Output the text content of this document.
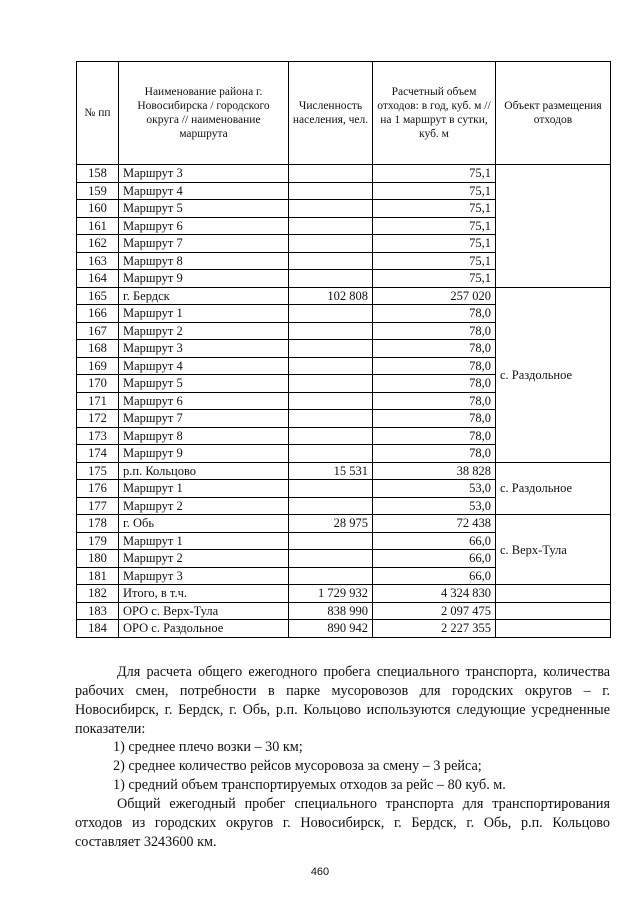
№ пп	Наименование района г. Новосибирска / городского округа // наименование маршрута	Численность населения, чел.	Расчетный объем отходов: в год, куб. м // на 1 маршрут в сутки, куб. м	Объект размещения отходов
158	Маршрут 3		75,1	
159	Маршрут 4		75,1	
160	Маршрут 5		75,1	
161	Маршрут 6		75,1	
162	Маршрут 7		75,1	
163	Маршрут 8		75,1	
164	Маршрут 9		75,1	
165	г. Бердск	102 808	257 020	с. Раздольное
166	Маршрут 1		78,0	
167	Маршрут 2		78,0	
168	Маршрут 3		78,0	
169	Маршрут 4		78,0	
170	Маршрут 5		78,0	
171	Маршрут 6		78,0	
172	Маршрут 7		78,0	
173	Маршрут 8		78,0	
174	Маршрут 9		78,0	
175	р.п. Кольцово	15 531	38 828	с. Раздольное
176	Маршрут 1		53,0	
177	Маршрут 2		53,0	
178	г. Обь	28 975	72 438	с. Верх-Тула
179	Маршрут 1		66,0	
180	Маршрут 2		66,0	
181	Маршрут 3		66,0	
182	Итого, в т.ч.	1 729 932	4 324 830	
183	ОРО с. Верх-Тула	838 990	2 097 475	
184	ОРО с. Раздольное	890 942	2 227 355	
Для расчета общего ежегодного пробега специального транспорта, количества рабочих смен, потребности в парке мусоровозов для городских округов – г. Новосибирск, г. Бердск, г. Обь, р.п. Кольцово используются следующие усредненные показатели:
1) среднее плечо возки – 30 км;
2) среднее количество рейсов мусоровоза за смену – 3 рейса;
1) средний объем транспортируемых отходов за рейс – 80 куб. м.
Общий ежегодный пробег специального транспорта для транспортирования отходов из городских округов г. Новосибирск, г. Бердск, г. Обь, р.п. Кольцово составляет 3243600 км.
460
